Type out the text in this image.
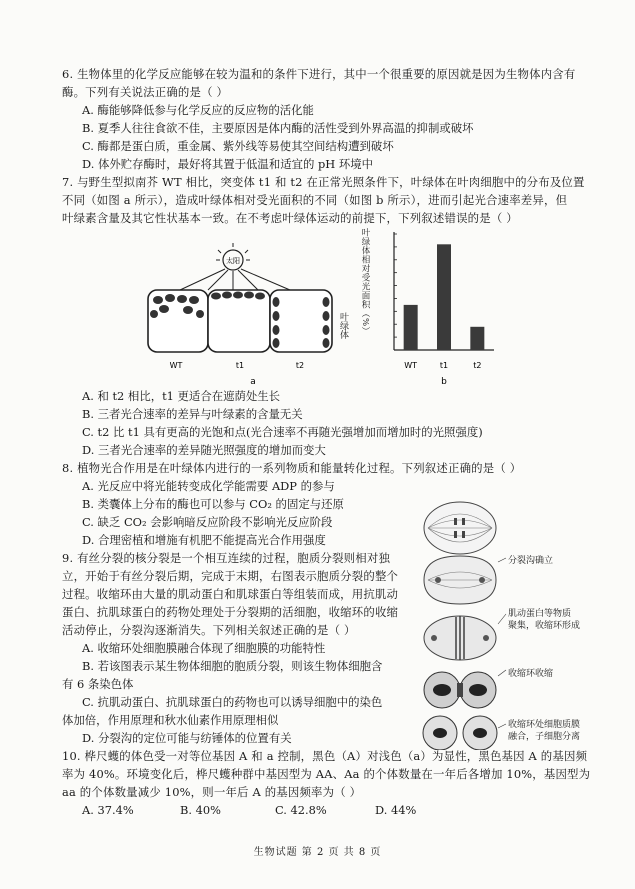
6. 生物体里的化学反应能够在较为温和的条件下进行，其中一个很重要的原因就是因为生物体内含有
酶。下列有关说法正确的是（ ）
A. 酶能够降低参与化学反应的反应物的活化能
B. 夏季人往往食欲不佳，主要原因是体内酶的活性受到外界高温的抑制或破坏
C. 酶都是蛋白质，重金属、紫外线等易使其空间结构遭到破坏
D. 体外贮存酶时，最好将其置于低温和适宜的 pH 环境中
7. 与野生型拟南芥 WT 相比，突变体 t1 和 t2 在正常光照条件下，叶绿体在叶肉细胞中的分布及位置
不同（如图 a 所示），造成叶绿体相对受光面积的不同（如图 b 所示），进而引起光合速率差异，但
叶绿素含量及其它性状基本一致。在不考虑叶绿体运动的前提下，下列叙述错误的是（ ）
太阳
WT	t1	t2
a
叶绿体 叶绿体相对受光面积（%）
WT	t1	t2
b
A. 和 t2 相比，t1 更适合在遮荫处生长
B. 三者光合速率的差异与叶绿素的含量无关
C. t2 比 t1 具有更高的光饱和点(光合速率不再随光强增加而增加时的光照强度)
D. 三者光合速率的差异随光照强度的增加而变大
8. 植物光合作用是在叶绿体内进行的一系列物质和能量转化过程。下列叙述正确的是（ ）
A. 光反应中将光能转变成化学能需要 ADP 的参与
B. 类囊体上分布的酶也可以参与 CO₂ 的固定与还原
C. 缺乏 CO₂ 会影响暗反应阶段不影响光反应阶段
D. 合理密植和增施有机肥不能提高光合作用强度
9. 有丝分裂的核分裂是一个相互连续的过程，胞质分裂则相对独
立，开始于有丝分裂后期，完成于末期，右图表示胞质分裂的整个
过程。收缩环由大量的肌动蛋白和肌球蛋白等组装而成，用抗肌动
蛋白、抗肌球蛋白的药物处理处于分裂期的活细胞，收缩环的收缩
活动停止，分裂沟逐渐消失。下列相关叙述正确的是（ ）
A. 收缩环处细胞膜融合体现了细胞膜的功能特性
B. 若该图表示某生物体细胞的胞质分裂，则该生物体细胞含
有 6 条染色体
C. 抗肌动蛋白、抗肌球蛋白的药物也可以诱导细胞中的染色
体加倍，作用原理和秋水仙素作用原理相似
D. 分裂沟的定位可能与纺锤体的位置有关
分裂沟确立
肌动蛋白等物质
聚集，收缩环形成
收缩环收缩
收缩环处细胞质膜
融合，子细胞分离
10. 桦尺蠖的体色受一对等位基因 A 和 a 控制，黑色（A）对浅色（a）为显性，黑色基因 A 的基因频
率为 40%。环境变化后，桦尺蠖种群中基因型为 AA、Aa 的个体数量在一年后各增加 10%，基因型为
aa 的个体数量减少 10%，则一年后 A 的基因频率为（ ）
A. 37.4%	B. 40%	C. 42.8%	D. 44%
生物试题 第 2 页 共 8 页
